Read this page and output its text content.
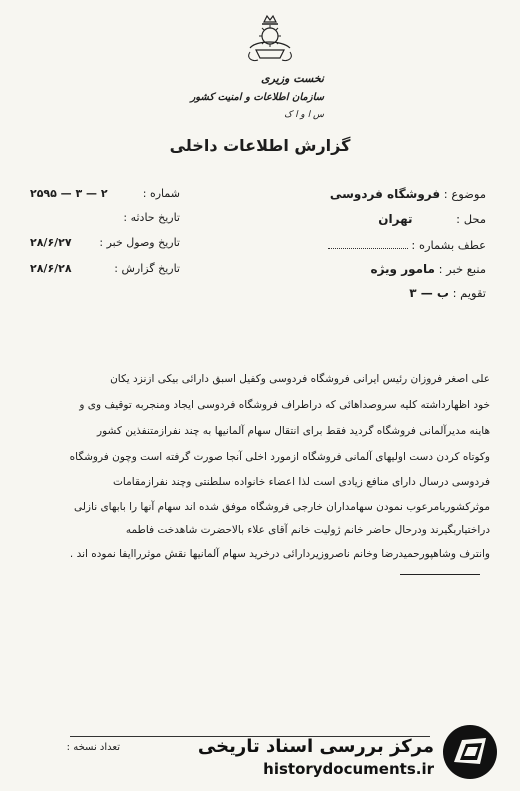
نخست وزیری
سازمان اطلاعات و امنیت کشور
س ا و ا ک
گزارش اطلاعات داخلی
موضوع : فروشگاه فردوسی
محل : تهران
عطف بشماره :
منبع خبر : مامور ویژه
تقویم : ب — ۳
شماره :
۲۵۹۵ — ۳ — ۲
تاریخ حادثه :
تاریخ وصول خبر :
۲۸/۶/۲۷
تاریخ گزارش :
۲۸/۶/۲۸
علی اصغر فروزان رئیس ایرانی فروشگاه فردوسی وکفیل اسبق دارائی بیکی ازنزد یکان
خود اظهارداشته کلیه سروصداهائی که دراطراف فروشگاه فردوسی ایجاد ومنجربه توقیف وی و
هاینه مدیرآلمانی فروشگاه گردید فقط برای انتقال سهام آلمانیها به چند نفرازمتنفذین کشور
وکوتاه کردن دست اولیهای آلمانی فروشگاه ازمورد اخلی آنجا صورت گرفته است وچون فروشگاه
فردوسی درسال دارای منافع زیادی است لذا اعضاء خانواده سلطنتی وچند نفرازمقامات
موثرکشوربامرعوب نمودن سهامداران خارجی فروشگاه موفق شده اند سهام آنها را بابهای نازلی
دراختیاربگیرند ودرحال حاضر خانم ژولیت خانم آقای علاء بالاحضرت شاهدخت فاطمه
وانترف وشاهپورحمیدرضا وخانم ناصروزیردارائی درخرید سهام آلمانیها نقش موثرراایفا نموده اند .
تعداد نسخه :	مرکز بررسی اسناد تاریخی
historydocuments.ir
